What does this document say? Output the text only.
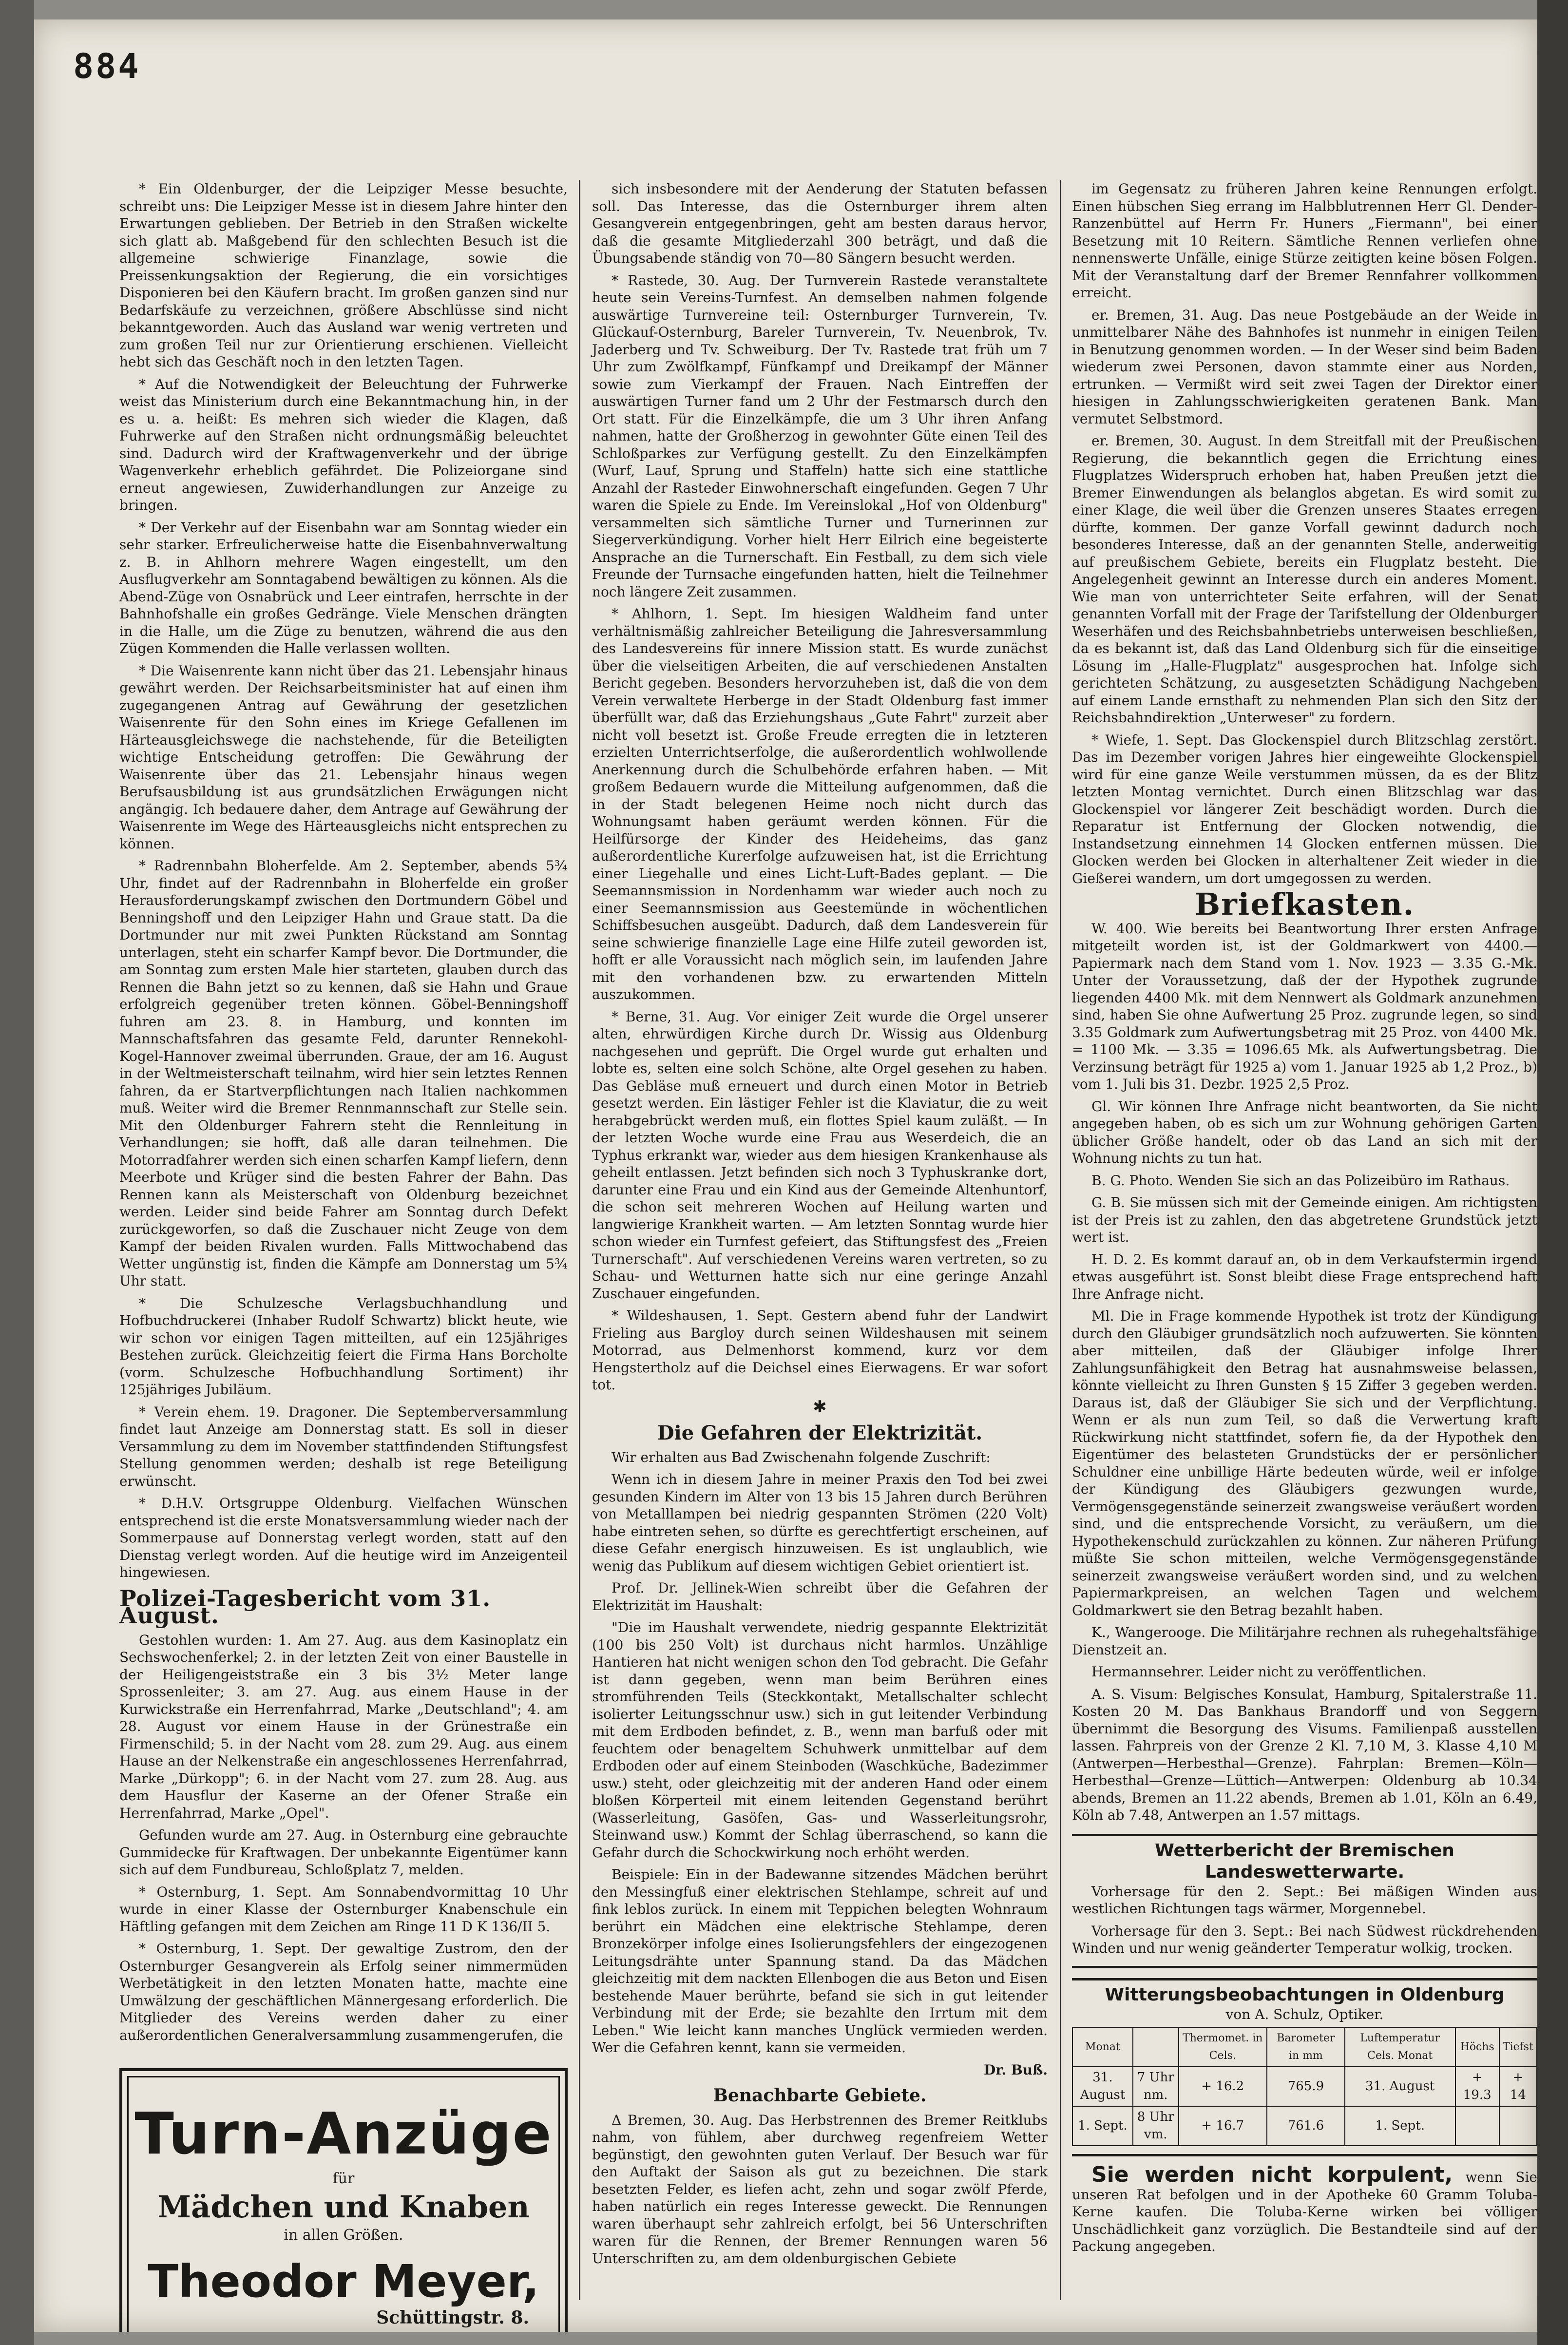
884

* Ein Oldenburger, der die Leipziger Messe besuchte, schreibt uns: Die Leipziger Messe ist in diesem Jahre hinter den Erwartungen geblieben. Der Betrieb in den Straßen wickelte sich glatt ab. Maßgebend für den schlechten Besuch ist die allgemeine schwierige Finanzlage, sowie die Preissenkungsaktion der Regierung, die ein vorsichtiges Disponieren bei den Käufern bracht. Im großen ganzen sind nur Bedarfskäufe zu verzeichnen, größere Abschlüsse sind nicht bekanntgeworden. Auch das Ausland war wenig vertreten und zum großen Teil nur zur Orientierung erschienen. Vielleicht hebt sich das Geschäft noch in den letzten Tagen.

* Auf die Notwendigkeit der Beleuchtung der Fuhrwerke weist das Ministerium durch eine Bekanntmachung hin, in der es u. a. heißt: Es mehren sich wieder die Klagen, daß Fuhrwerke auf den Straßen nicht ordnungsmäßig beleuchtet sind. Dadurch wird der Kraftwagenverkehr und der übrige Wagenverkehr erheblich gefährdet. Die Polizeiorgane sind erneut angewiesen, Zuwiderhandlungen zur Anzeige zu bringen.

* Der Verkehr auf der Eisenbahn war am Sonntag wieder ein sehr starker. Erfreulicherweise hatte die Eisenbahnverwaltung z. B. in Ahlhorn mehrere Wagen eingestellt, um den Ausflugverkehr am Sonntagabend bewältigen zu können. Als die Abend-Züge von Osnabrück und Leer eintrafen, herrschte in der Bahnhofshalle ein großes Gedränge. Viele Menschen drängten in die Halle, um die Züge zu benutzen, während die aus den Zügen Kommenden die Halle verlassen wollten.

* Die Waisenrente kann nicht über das 21. Lebensjahr hinaus gewährt werden. Der Reichsarbeitsminister hat auf einen ihm zugegangenen Antrag auf Gewährung der gesetzlichen Waisenrente für den Sohn eines im Kriege Gefallenen im Härteausgleichswege die nachstehende, für die Beteiligten wichtige Entscheidung getroffen: Die Gewährung der Waisenrente über das 21. Lebensjahr hinaus wegen Berufsausbildung ist aus grundsätzlichen Erwägungen nicht angängig. Ich bedauere daher, dem Antrage auf Gewährung der Waisenrente im Wege des Härteausgleichs nicht entsprechen zu können.

* Radrennbahn Bloherfelde. Am 2. September, abends 5¾ Uhr, findet auf der Radrennbahn in Bloherfelde ein großer Herausforderungskampf zwischen den Dortmundern Göbel und Benningshoff und den Leipziger Hahn und Graue statt. Da die Dortmunder nur mit zwei Punkten Rückstand am Sonntag unterlagen, steht ein scharfer Kampf bevor. Die Dortmunder, die am Sonntag zum ersten Male hier starteten, glauben durch das Rennen die Bahn jetzt so zu kennen, daß sie Hahn und Graue erfolgreich gegenüber treten können. Göbel-Benningshoff fuhren am 23. 8. in Hamburg, und konnten im Mannschaftsfahren das gesamte Feld, darunter Rennekohl-Kogel-Hannover zweimal überrunden. Graue, der am 16. August in der Weltmeisterschaft teilnahm, wird hier sein letztes Rennen fahren, da er Startverpflichtungen nach Italien nachkommen muß. Weiter wird die Bremer Rennmannschaft zur Stelle sein. Mit den Oldenburger Fahrern steht die Rennleitung in Verhandlungen; sie hofft, daß alle daran teilnehmen. Die Motorradfahrer werden sich einen scharfen Kampf liefern, denn Meerbote und Krüger sind die besten Fahrer der Bahn. Das Rennen kann als Meisterschaft von Oldenburg bezeichnet werden. Leider sind beide Fahrer am Sonntag durch Defekt zurückgeworfen, so daß die Zuschauer nicht Zeuge von dem Kampf der beiden Rivalen wurden. Falls Mittwochabend das Wetter ungünstig ist, finden die Kämpfe am Donnerstag um 5¾ Uhr statt.

* Die Schulzesche Verlagsbuchhandlung und Hofbuchdruckerei (Inhaber Rudolf Schwartz) blickt heute, wie wir schon vor einigen Tagen mitteilten, auf ein 125jähriges Bestehen zurück. Gleichzeitig feiert die Firma Hans Borcholte (vorm. Schulzesche Hofbuchhandlung Sortiment) ihr 125jähriges Jubiläum.

* Verein ehem. 19. Dragoner. Die Septemberversammlung findet laut Anzeige am Donnerstag statt. Es soll in dieser Versammlung zu dem im November stattfindenden Stiftungsfest Stellung genommen werden; deshalb ist rege Beteiligung erwünscht.

* D.H.V. Ortsgruppe Oldenburg. Vielfachen Wünschen entsprechend ist die erste Monatsversammlung wieder nach der Sommerpause auf Donnerstag verlegt worden, statt auf den Dienstag verlegt worden. Auf die heutige wird im Anzeigenteil hingewiesen.

Polizei-Tagesbericht vom 31. August.

Gestohlen wurden: 1. Am 27. Aug. aus dem Kasinoplatz ein Sechswochenferkel; 2. in der letzten Zeit von einer Baustelle in der Heiligengeiststraße ein 3 bis 3½ Meter lange Sprossenleiter; 3. am 27. Aug. aus einem Hause in der Kurwickstraße ein Herrenfahrrad, Marke „Deutschland"; 4. am 28. August vor einem Hause in der Grünestraße ein Firmenschild; 5. in der Nacht vom 28. zum 29. Aug. aus einem Hause an der Nelkenstraße ein angeschlossenes Herrenfahrrad, Marke „Dürkopp"; 6. in der Nacht vom 27. zum 28. Aug. aus dem Hausflur der Kaserne an der Ofener Straße ein Herrenfahrrad, Marke „Opel".

Gefunden wurde am 27. Aug. in Osternburg eine gebrauchte Gummidecke für Kraftwagen. Der unbekannte Eigentümer kann sich auf dem Fundbureau, Schloßplatz 7, melden.

* Osternburg, 1. Sept. Am Sonnabendvormittag 10 Uhr wurde in einer Klasse der Osternburger Knabenschule ein Häftling gefangen mit dem Zeichen am Ringe 11 D K 136/II 5.

* Osternburg, 1. Sept. Der gewaltige Zustrom, den der Osternburger Gesangverein als Erfolg seiner nimmermüden Werbetätigkeit in den letzten Monaten hatte, machte eine Umwälzung der geschäftlichen Männergesang erforderlich. Die Mitglieder des Vereins werden daher zu einer außerordentlichen Generalversammlung zusammengerufen, die

Turn-Anzüge
für
Mädchen und Knaben
in allen Größen.
Theodor Meyer,
Schüttingstr. 8.

sich insbesondere mit der Aenderung der Statuten befassen soll. Das Interesse, das die Osternburger ihrem alten Gesangverein entgegenbringen, geht am besten daraus hervor, daß die gesamte Mitgliederzahl 300 beträgt, und daß die Übungsabende ständig von 70—80 Sängern besucht werden.

* Rastede, 30. Aug. Der Turnverein Rastede veranstaltete heute sein Vereins-Turnfest. An demselben nahmen folgende auswärtige Turnvereine teil: Osternburger Turnverein, Tv. Glückauf-Osternburg, Bareler Turnverein, Tv. Neuenbrok, Tv. Jaderberg und Tv. Schweiburg. Der Tv. Rastede trat früh um 7 Uhr zum Zwölfkampf, Fünfkampf und Dreikampf der Männer sowie zum Vierkampf der Frauen. Nach Eintreffen der auswärtigen Turner fand um 2 Uhr der Festmarsch durch den Ort statt. Für die Einzelkämpfe, die um 3 Uhr ihren Anfang nahmen, hatte der Großherzog in gewohnter Güte einen Teil des Schloßparkes zur Verfügung gestellt. Zu den Einzelkämpfen (Wurf, Lauf, Sprung und Staffeln) hatte sich eine stattliche Anzahl der Rasteder Einwohnerschaft eingefunden. Gegen 7 Uhr waren die Spiele zu Ende. Im Vereinslokal „Hof von Oldenburg" versammelten sich sämtliche Turner und Turnerinnen zur Siegerverkündigung. Vorher hielt Herr Eilrich eine begeisterte Ansprache an die Turnerschaft. Ein Festball, zu dem sich viele Freunde der Turnsache eingefunden hatten, hielt die Teilnehmer noch längere Zeit zusammen.

* Ahlhorn, 1. Sept. Im hiesigen Waldheim fand unter verhältnismäßig zahlreicher Beteiligung die Jahresversammlung des Landesvereins für innere Mission statt. Es wurde zunächst über die vielseitigen Arbeiten, die auf verschiedenen Anstalten Bericht gegeben. Besonders hervorzuheben ist, daß die von dem Verein verwaltete Herberge in der Stadt Oldenburg fast immer überfüllt war, daß das Erziehungshaus „Gute Fahrt" zurzeit aber nicht voll besetzt ist. Große Freude erregten die in letzteren erzielten Unterrichtserfolge, die außerordentlich wohlwollende Anerkennung durch die Schulbehörde erfahren haben. — Mit großem Bedauern wurde die Mitteilung aufgenommen, daß die in der Stadt belegenen Heime noch nicht durch das Wohnungsamt haben geräumt werden können. Für die Heilfürsorge der Kinder des Heideheims, das ganz außerordentliche Kurerfolge aufzuweisen hat, ist die Errichtung einer Liegehalle und eines Licht-Luft-Bades geplant. — Die Seemannsmission in Nordenhamm war wieder auch noch zu einer Seemannsmission aus Geestemünde in wöchentlichen Schiffsbesuchen ausgeübt. Dadurch, daß dem Landesverein für seine schwierige finanzielle Lage eine Hilfe zuteil geworden ist, hofft er alle Voraussicht nach möglich sein, im laufenden Jahre mit den vorhandenen bzw. zu erwartenden Mitteln auszukommen.

* Berne, 31. Aug. Vor einiger Zeit wurde die Orgel unserer alten, ehrwürdigen Kirche durch Dr. Wissig aus Oldenburg nachgesehen und geprüft. Die Orgel wurde gut erhalten und lobte es, selten eine solch Schöne, alte Orgel gesehen zu haben. Das Gebläse muß erneuert und durch einen Motor in Betrieb gesetzt werden. Ein lästiger Fehler ist die Klaviatur, die zu weit herabgebrückt werden muß, ein flottes Spiel kaum zuläßt. — In der letzten Woche wurde eine Frau aus Weserdeich, die an Typhus erkrankt war, wieder aus dem hiesigen Krankenhause als geheilt entlassen. Jetzt befinden sich noch 3 Typhuskranke dort, darunter eine Frau und ein Kind aus der Gemeinde Altenhuntorf, die schon seit mehreren Wochen auf Heilung warten und langwierige Krankheit warten. — Am letzten Sonntag wurde hier schon wieder ein Turnfest gefeiert, das Stiftungsfest des „Freien Turnerschaft". Auf verschiedenen Vereins waren vertreten, so zu Schau- und Wetturnen hatte sich nur eine geringe Anzahl Zuschauer eingefunden.

* Wildeshausen, 1. Sept. Gestern abend fuhr der Landwirt Frieling aus Bargloy durch seinen Wildeshausen mit seinem Motorrad, aus Delmenhorst kommend, kurz vor dem Hengstertholz auf die Deichsel eines Eierwagens. Er war sofort tot.

✱
Die Gefahren der Elektrizität.

Wir erhalten aus Bad Zwischenahn folgende Zuschrift:

Wenn ich in diesem Jahre in meiner Praxis den Tod bei zwei gesunden Kindern im Alter von 13 bis 15 Jahren durch Berühren von Metalllampen bei niedrig gespannten Strömen (220 Volt) habe eintreten sehen, so dürfte es gerechtfertigt erscheinen, auf diese Gefahr energisch hinzuweisen. Es ist unglaublich, wie wenig das Publikum auf diesem wichtigen Gebiet orientiert ist.

Prof. Dr. Jellinek-Wien schreibt über die Gefahren der Elektrizität im Haushalt:

"Die im Haushalt verwendete, niedrig gespannte Elektrizität (100 bis 250 Volt) ist durchaus nicht harmlos. Unzählige Hantieren hat nicht wenigen schon den Tod gebracht. Die Gefahr ist dann gegeben, wenn man beim Berühren eines stromführenden Teils (Steckkontakt, Metallschalter schlecht isolierter Leitungsschnur usw.) sich in gut leitender Verbindung mit dem Erdboden befindet, z. B., wenn man barfuß oder mit feuchtem oder benageltem Schuhwerk unmittelbar auf dem Erdboden oder auf einem Steinboden (Waschküche, Badezimmer usw.) steht, oder gleichzeitig mit der anderen Hand oder einem bloßen Körperteil mit einem leitenden Gegenstand berührt (Wasserleitung, Gasöfen, Gas- und Wasserleitungsrohr, Steinwand usw.) Kommt der Schlag überraschend, so kann die Gefahr durch die Schockwirkung noch erhöht werden.

Beispiele: Ein in der Badewanne sitzendes Mädchen berührt den Messingfuß einer elektrischen Stehlampe, schreit auf und fink leblos zurück. In einem mit Teppichen belegten Wohnraum berührt ein Mädchen eine elektrische Stehlampe, deren Bronzekörper infolge eines Isolierungsfehlers der eingezogenen Leitungsdrähte unter Spannung stand. Da das Mädchen gleichzeitig mit dem nackten Ellenbogen die aus Beton und Eisen bestehende Mauer berührte, befand sie sich in gut leitender Verbindung mit der Erde; sie bezahlte den Irrtum mit dem Leben." Wie leicht kann manches Unglück vermieden werden. Wer die Gefahren kennt, kann sie vermeiden.

Dr. Buß.
Benachbarte Gebiete.

Δ Bremen, 30. Aug. Das Herbstrennen des Bremer Reitklubs nahm, von fühlem, aber durchweg regenfreiem Wetter begünstigt, den gewohnten guten Verlauf. Der Besuch war für den Auftakt der Saison als gut zu bezeichnen. Die stark besetzten Felder, es liefen acht, zehn und sogar zwölf Pferde, haben natürlich ein reges Interesse geweckt. Die Rennungen waren überhaupt sehr zahlreich erfolgt, bei 56 Unterschriften waren für die Rennen, der Bremer Rennungen waren 56 Unterschriften zu, am dem oldenburgischen Gebiete

im Gegensatz zu früheren Jahren keine Rennungen erfolgt. Einen hübschen Sieg errang im Halbblutrennen Herr Gl. Dender-Ranzenbüttel auf Herrn Fr. Huners „Fiermann", bei einer Besetzung mit 10 Reitern. Sämtliche Rennen verliefen ohne nennenswerte Unfälle, einige Stürze zeitigten keine bösen Folgen. Mit der Veranstaltung darf der Bremer Rennfahrer vollkommen erreicht.

er. Bremen, 31. Aug. Das neue Postgebäude an der Weide in unmittelbarer Nähe des Bahnhofes ist nunmehr in einigen Teilen in Benutzung genommen worden. — In der Weser sind beim Baden wiederum zwei Personen, davon stammte einer aus Norden, ertrunken. — Vermißt wird seit zwei Tagen der Direktor einer hiesigen in Zahlungsschwierigkeiten geratenen Bank. Man vermutet Selbstmord.

er. Bremen, 30. August. In dem Streitfall mit der Preußischen Regierung, die bekanntlich gegen die Errichtung eines Flugplatzes Widerspruch erhoben hat, haben Preußen jetzt die Bremer Einwendungen als belanglos abgetan. Es wird somit zu einer Klage, die weil über die Grenzen unseres Staates erregen dürfte, kommen. Der ganze Vorfall gewinnt dadurch noch besonderes Interesse, daß an der genannten Stelle, anderweitig auf preußischem Gebiete, bereits ein Flugplatz besteht. Die Angelegenheit gewinnt an Interesse durch ein anderes Moment. Wie man von unterrichteter Seite erfahren, will der Senat genannten Vorfall mit der Frage der Tarifstellung der Oldenburger Weserhäfen und des Reichsbahnbetriebs unterweisen beschließen, da es bekannt ist, daß das Land Oldenburg sich für die einseitige Lösung im „Halle-Flugplatz" ausgesprochen hat. Infolge sich gerichteten Schätzung, zu ausgesetzten Schädigung Nachgeben auf einem Lande ernsthaft zu nehmenden Plan sich den Sitz der Reichsbahndirektion „Unterweser" zu fordern.

* Wiefe, 1. Sept. Das Glockenspiel durch Blitzschlag zerstört. Das im Dezember vorigen Jahres hier eingeweihte Glockenspiel wird für eine ganze Weile verstummen müssen, da es der Blitz letzten Montag vernichtet. Durch einen Blitzschlag war das Glockenspiel vor längerer Zeit beschädigt worden. Durch die Reparatur ist Entfernung der Glocken notwendig, die Instandsetzung einnehmen 14 Glocken entfernen müssen. Die Glocken werden bei Glocken in alterhaltener Zeit wieder in die Gießerei wandern, um dort umgegossen zu werden.

Briefkasten.

W. 400. Wie bereits bei Beantwortung Ihrer ersten Anfrage mitgeteilt worden ist, ist der Goldmarkwert von 4400.— Papiermark nach dem Stand vom 1. Nov. 1923 — 3.35 G.-Mk. Unter der Voraussetzung, daß der der Hypothek zugrunde liegenden 4400 Mk. mit dem Nennwert als Goldmark anzunehmen sind, haben Sie ohne Aufwertung 25 Proz. zugrunde legen, so sind 3.35 Goldmark zum Aufwertungsbetrag mit 25 Proz. von 4400 Mk. = 1100 Mk. — 3.35 = 1096.65 Mk. als Aufwertungsbetrag. Die Verzinsung beträgt für 1925 a) vom 1. Januar 1925 ab 1,2 Proz., b) vom 1. Juli bis 31. Dezbr. 1925 2,5 Proz.

Gl. Wir können Ihre Anfrage nicht beantworten, da Sie nicht angegeben haben, ob es sich um zur Wohnung gehörigen Garten üblicher Größe handelt, oder ob das Land an sich mit der Wohnung nichts zu tun hat.

B. G. Photo. Wenden Sie sich an das Polizeibüro im Rathaus.

G. B. Sie müssen sich mit der Gemeinde einigen. Am richtigsten ist der Preis ist zu zahlen, den das abgetretene Grundstück jetzt wert ist.

H. D. 2. Es kommt darauf an, ob in dem Verkaufstermin irgend etwas ausgeführt ist. Sonst bleibt diese Frage entsprechend haft Ihre Anfrage nicht.

Ml. Die in Frage kommende Hypothek ist trotz der Kündigung durch den Gläubiger grundsätzlich noch aufzuwerten. Sie könnten aber mitteilen, daß der Gläubiger infolge Ihrer Zahlungsunfähigkeit den Betrag hat ausnahmsweise belassen, könnte vielleicht zu Ihren Gunsten § 15 Ziffer 3 gegeben werden. Daraus ist, daß der Gläubiger Sie sich und der Verpflichtung. Wenn er als nun zum Teil, so daß die Verwertung kraft Rückwirkung nicht stattfindet, sofern fie, da der Hypothek den Eigentümer des belasteten Grundstücks der er persönlicher Schuldner eine unbillige Härte bedeuten würde, weil er infolge der Kündigung des Gläubigers gezwungen wurde, Vermögensgegenstände seinerzeit zwangsweise veräußert worden sind, und die entsprechende Vorsicht, zu veräußern, um die Hypothekenschuld zurückzahlen zu können. Zur näheren Prüfung müßte Sie schon mitteilen, welche Vermögensgegenstände seinerzeit zwangsweise veräußert worden sind, und zu welchen Papiermarkpreisen, an welchen Tagen und welchem Goldmarkwert sie den Betrag bezahlt haben.

K., Wangerooge. Die Militärjahre rechnen als ruhegehaltsfähige Dienstzeit an.

Hermannsehrer. Leider nicht zu veröffentlichen.

A. S. Visum: Belgisches Konsulat, Hamburg, Spitalerstraße 11. Kosten 20 M. Das Bankhaus Brandorff und von Seggern übernimmt die Besorgung des Visums. Familienpaß ausstellen lassen. Fahrpreis von der Grenze 2 Kl. 7,10 M, 3. Klasse 4,10 M (Antwerpen—Herbesthal—Grenze). Fahrplan: Bremen—Köln—Herbesthal—Grenze—Lüttich—Antwerpen: Oldenburg ab 10.34 abends, Bremen an 11.22 abends, Bremen ab 1.01, Köln an 6.49, Köln ab 7.48, Antwerpen an 1.57 mittags.

Wetterbericht der Bremischen Landeswetterwarte.

Vorhersage für den 2. Sept.: Bei mäßigen Winden aus westlichen Richtungen tags wärmer, Morgennebel.

Vorhersage für den 3. Sept.: Bei nach Südwest rückdrehenden Winden und nur wenig geänderter Temperatur wolkig, trocken.

Witterungsbeobachtungen in Oldenburg
von A. Schulz, Optiker.
Monat		Thermomet. in Cels.	Barometer in mm	Luftemperatur Cels. Monat	Höchs	Tiefst
31. August	7 Uhr nm.	+ 16.2	765.9	31. August	+ 19.3	+ 14
1. Sept.	8 Uhr vm.	+ 16.7	761.6	1. Sept.		

Sie werden nicht korpulent, wenn Sie unseren Rat befolgen und in der Apotheke 60 Gramm Toluba-Kerne kaufen. Die Toluba-Kerne wirken bei völliger Unschädlichkeit ganz vorzüglich. Die Bestandteile sind auf der Packung angegeben.
